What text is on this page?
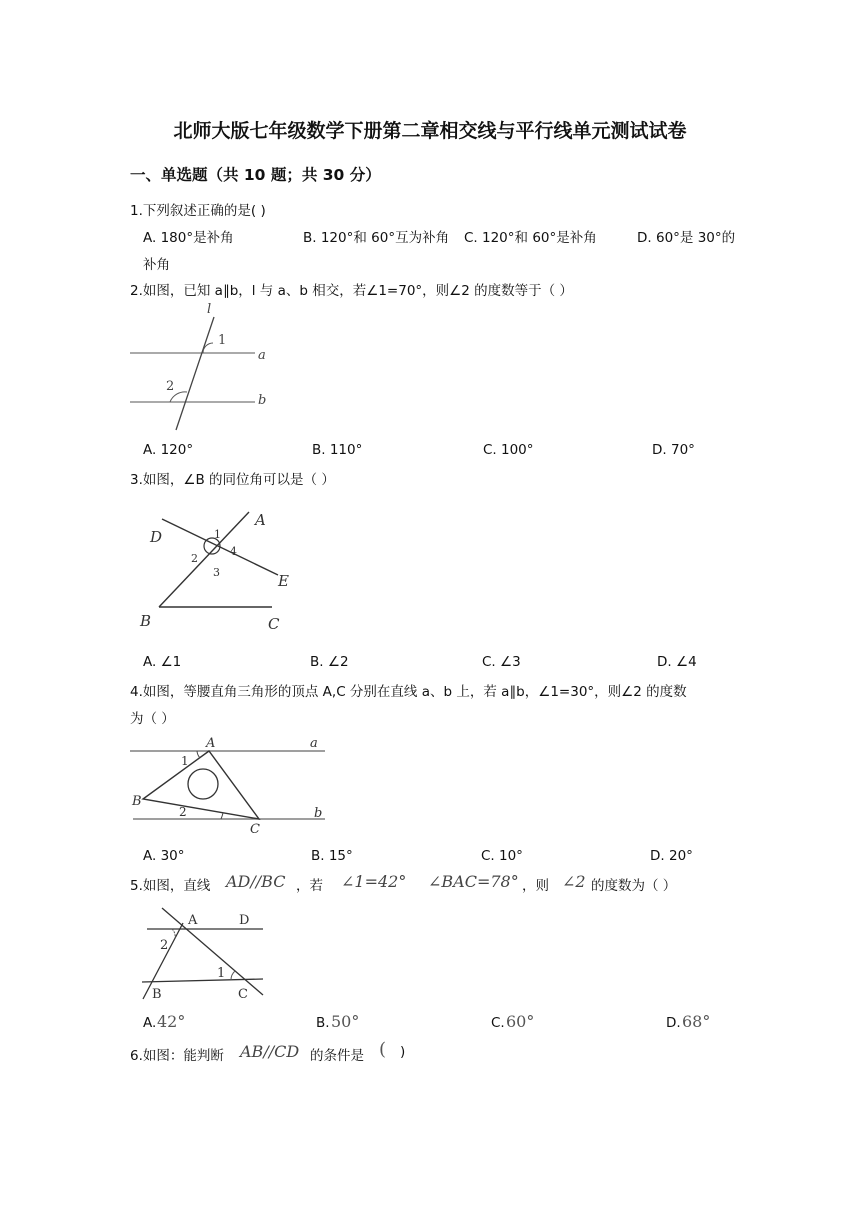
北师大版七年级数学下册第二章相交线与平行线单元测试试卷
一、单选题（共 10 题；共 30 分）
1.下列叙述正确的是( )
A. 180°是补角	B. 120°和 60°互为补角 C. 120°和 60°是补角	D. 60°是 30°的
补角
2.如图，已知 a∥b，l 与 a、b 相交，若∠1=70°，则∠2 的度数等于（ ）
l
1
a
2
b
A. 120°	B. 110°	C. 100°	D. 70°
3.如图，∠B 的同位角可以是（ ）
A
D
E
B	C
1
2
3
4
A. ∠1	B. ∠2	C. ∠3	D. ∠4
4.如图，等腰直角三角形的顶点 A,C 分别在直线 a、b 上，若 a∥b，∠1=30°，则∠2 的度数
为（ ）
A	a
1
B
2	b
C
A. 30°	B. 15°	C. 10°	D. 20°
5.如图，直线 AD//BC ，若 ∠1=42° ∠BAC=78° ，则 ∠2 的度数为（ ）
A	D
2
1
B	C
A. 42°	B. 50°	C. 60°	D. 68°
6.如图：能判断 AB//CD 的条件是 ( )
